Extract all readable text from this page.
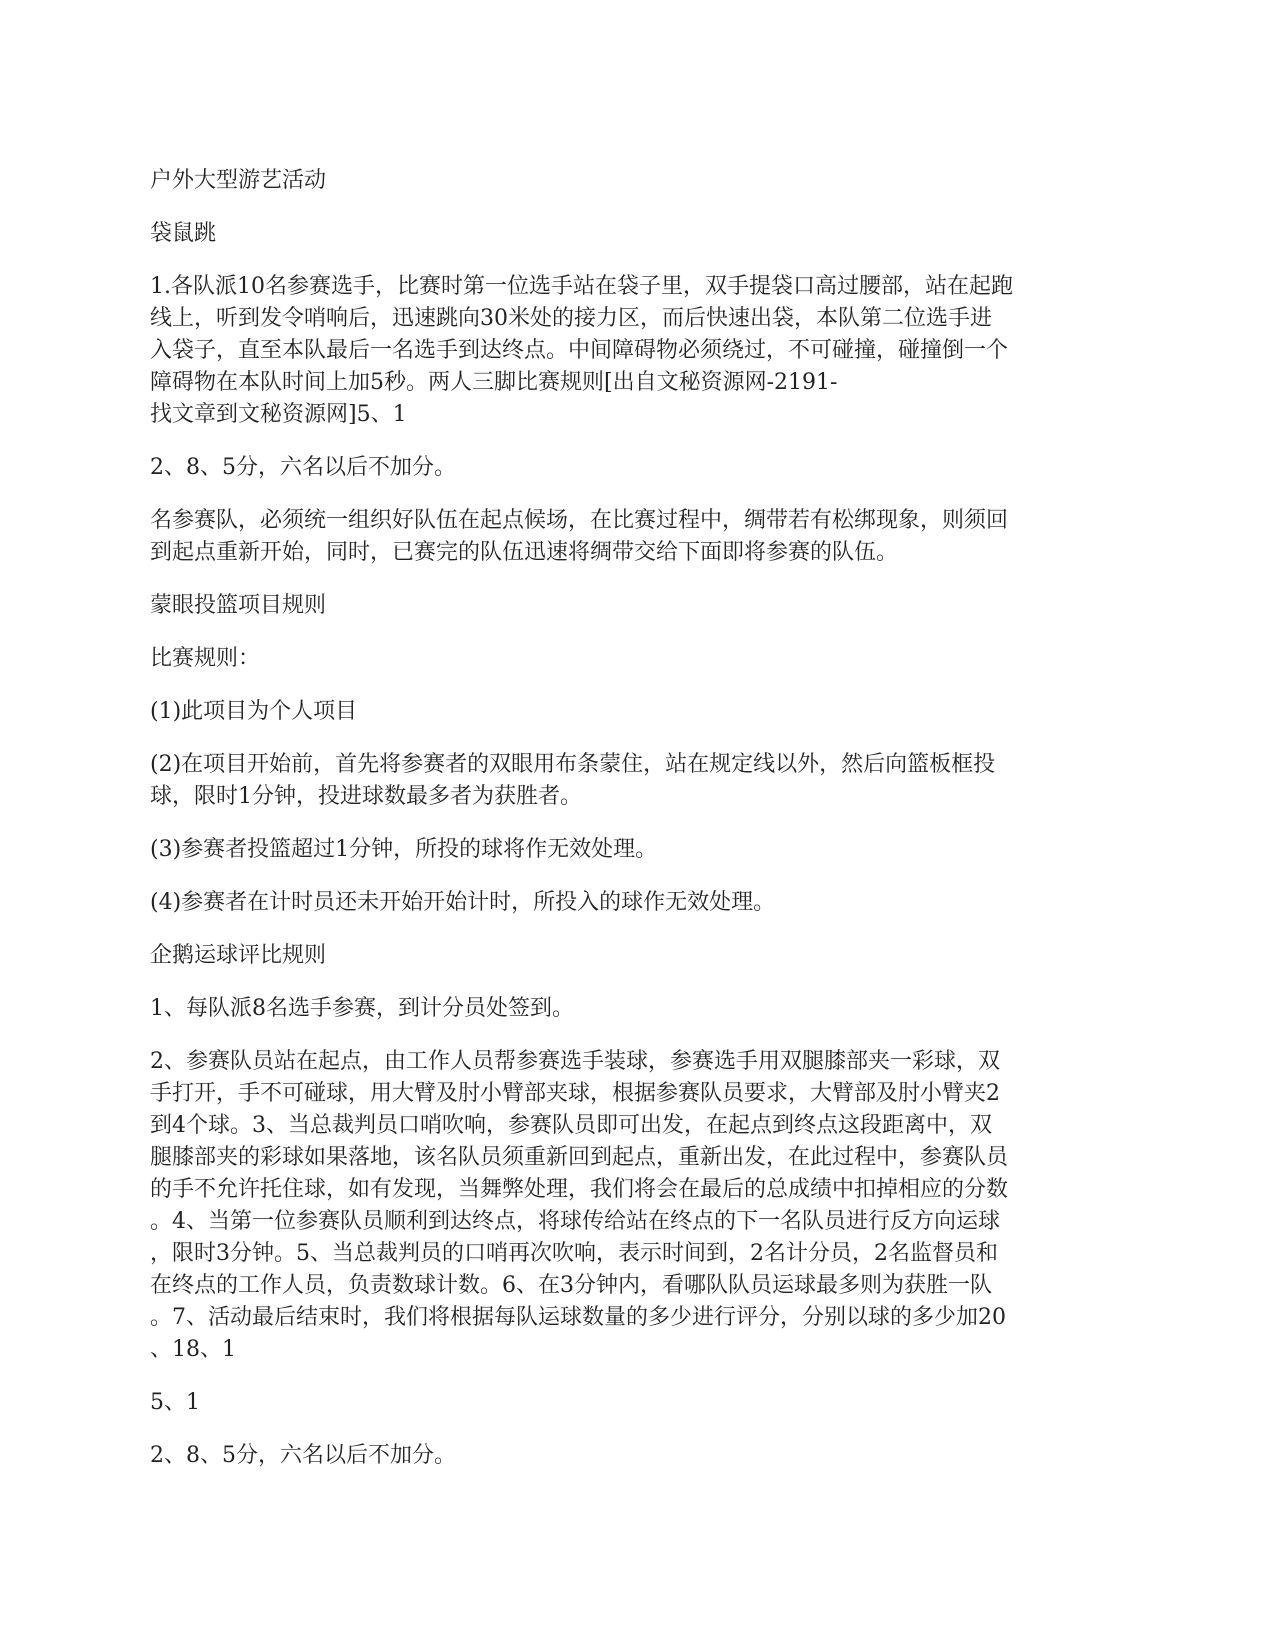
户外大型游艺活动

袋鼠跳

1.各队派10名参赛选手，比赛时第一位选手站在袋子里，双手提袋口高过腰部，站在起跑
线上，听到发令哨响后，迅速跳向30米处的接力区，而后快速出袋，本队第二位选手进
入袋子，直至本队最后一名选手到达终点。中间障碍物必须绕过，不可碰撞，碰撞倒一个
障碍物在本队时间上加5秒。两人三脚比赛规则[出自文秘资源网-2191-
找文章到文秘资源网]5、1

2、8、5分，六名以后不加分。

名参赛队，必须统一组织好队伍在起点候场，在比赛过程中，绸带若有松绑现象，则须回
到起点重新开始，同时，已赛完的队伍迅速将绸带交给下面即将参赛的队伍。

蒙眼投篮项目规则

比赛规则：

(1)此项目为个人项目

(2)在项目开始前，首先将参赛者的双眼用布条蒙住，站在规定线以外，然后向篮板框投
球，限时1分钟，投进球数最多者为获胜者。

(3)参赛者投篮超过1分钟，所投的球将作无效处理。

(4)参赛者在计时员还未开始开始计时，所投入的球作无效处理。

企鹅运球评比规则

1、每队派8名选手参赛，到计分员处签到。

2、参赛队员站在起点，由工作人员帮参赛选手装球，参赛选手用双腿膝部夹一彩球，双
手打开，手不可碰球，用大臂及肘小臂部夹球，根据参赛队员要求，大臂部及肘小臂夹2
到4个球。3、当总裁判员口哨吹响，参赛队员即可出发，在起点到终点这段距离中，双
腿膝部夹的彩球如果落地，该名队员须重新回到起点，重新出发，在此过程中，参赛队员
的手不允许托住球，如有发现，当舞弊处理，我们将会在最后的总成绩中扣掉相应的分数
。4、当第一位参赛队员顺利到达终点，将球传给站在终点的下一名队员进行反方向运球
，限时3分钟。5、当总裁判员的口哨再次吹响，表示时间到，2名计分员，2名监督员和
在终点的工作人员，负责数球计数。6、在3分钟内，看哪队队员运球最多则为获胜一队
。7、活动最后结束时，我们将根据每队运球数量的多少进行评分，分别以球的多少加20
、18、1

5、1

2、8、5分，六名以后不加分。
